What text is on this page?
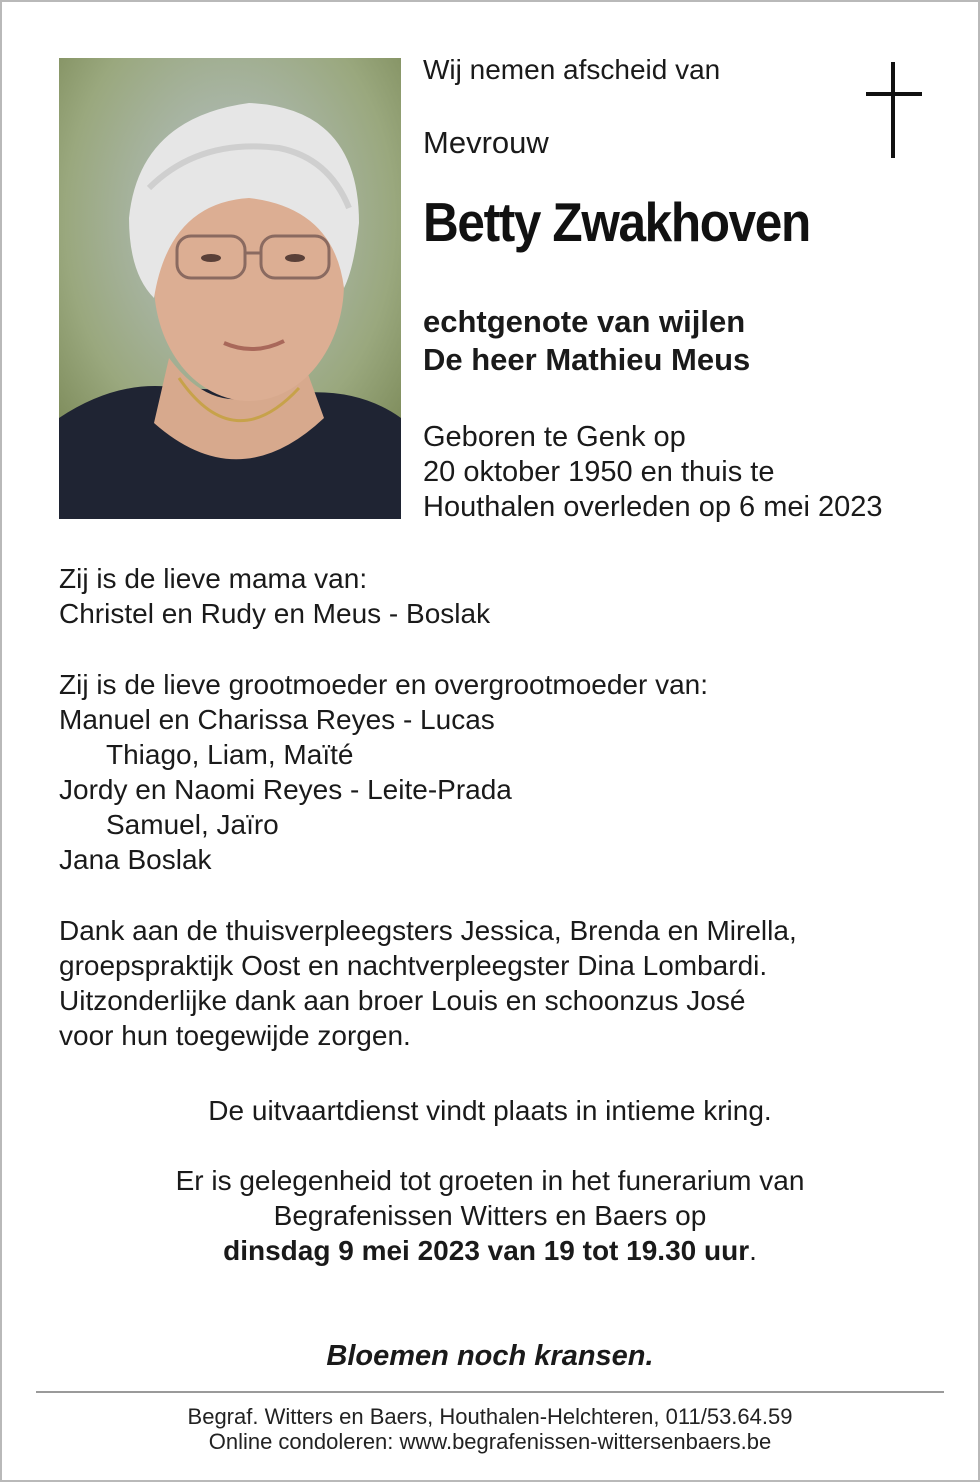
Wij nemen afscheid van
Mevrouw
Betty Zwakhoven
echtgenote van wijlen
De heer Mathieu Meus
Geboren te Genk op
20 oktober 1950 en thuis te
Houthalen overleden op 6 mei 2023
Zij is de lieve mama van:
Christel en Rudy en Meus - Boslak
Zij is de lieve grootmoeder en overgrootmoeder van:
Manuel en Charissa Reyes - Lucas
Thiago, Liam, Maïté
Jordy en Naomi Reyes - Leite-Prada
Samuel, Jaïro
Jana Boslak
Dank aan de thuisverpleegsters Jessica, Brenda en Mirella,
groepspraktijk Oost en nachtverpleegster Dina Lombardi.
Uitzonderlijke dank aan broer Louis en schoonzus José
voor hun toegewijde zorgen.
De uitvaartdienst vindt plaats in intieme kring.
Er is gelegenheid tot groeten in het funerarium van
Begrafenissen Witters en Baers op
dinsdag 9 mei 2023 van 19 tot 19.30 uur.
Bloemen noch kransen.
Begraf. Witters en Baers, Houthalen-Helchteren, 011/53.64.59
Online condoleren: www.begrafenissen-wittersenbaers.be
